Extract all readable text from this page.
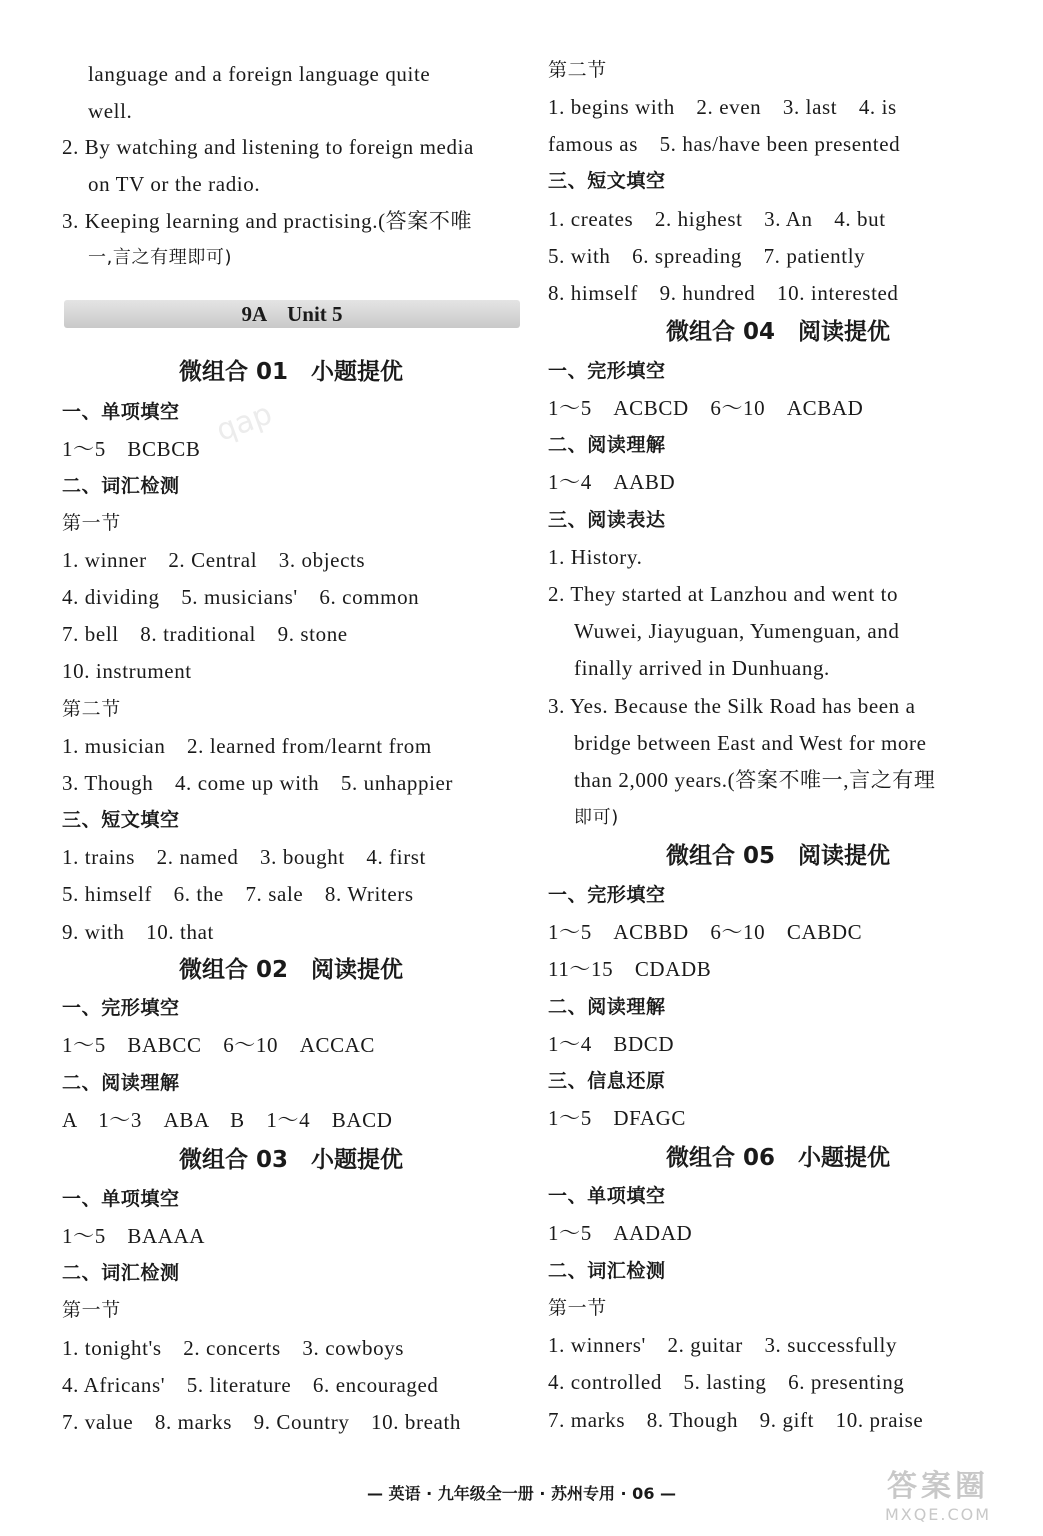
qap
language and a foreign language quite
well.
2. By watching and listening to foreign media
on TV or the radio.
3. Keeping learning and practising.(答案不唯
一,言之有理即可)
9A Unit 5
微组合 01　小题提优
一、单项填空
1～5　BCBCB
二、词汇检测
第一节
1. winner　2. Central　3. objects
4. dividing　5. musicians'　6. common
7. bell　8. traditional　9. stone
10. instrument
第二节
1. musician　2. learned from/learnt from
3. Though　4. come up with　5. unhappier
三、短文填空
1. trains　2. named　3. bought　4. first
5. himself　6. the　7. sale　8. Writers
9. with　10. that
微组合 02　阅读提优
一、完形填空
1～5　BABCC　6～10　ACCAC
二、阅读理解
A　1～3　ABA　B　1～4　BACD
微组合 03　小题提优
一、单项填空
1～5　BAAAA
二、词汇检测
第一节
1. tonight's　2. concerts　3. cowboys
4. Africans'　5. literature　6. encouraged
7. value　8. marks　9. Country　10. breath
第二节
1. begins with　2. even　3. last　4. is
famous as　5. has/have been presented
三、短文填空
1. creates　2. highest　3. An　4. but
5. with　6. spreading　7. patiently
8. himself　9. hundred　10. interested
微组合 04　阅读提优
一、完形填空
1～5　ACBCD　6～10　ACBAD
二、阅读理解
1～4　AABD
三、阅读表达
1. History.
2. They started at Lanzhou and went to
Wuwei, Jiayuguan, Yumenguan, and
finally arrived in Dunhuang.
3. Yes. Because the Silk Road has been a
bridge between East and West for more
than 2,000 years.(答案不唯一,言之有理
即可)
微组合 05　阅读提优
一、完形填空
1～5　ACBBD　6～10　CABDC
11～15　CDADB
二、阅读理解
1～4　BDCD
三、信息还原
1～5　DFAGC
微组合 06　小题提优
一、单项填空
1～5　AADAD
二、词汇检测
第一节
1. winners'　2. guitar　3. successfully
4. controlled　5. lasting　6. presenting
7. marks　8. Though　9. gift　10. praise
— 英语 · 九年级全一册 · 苏州专用 · 06 —	答案圈
MXQE.COM
